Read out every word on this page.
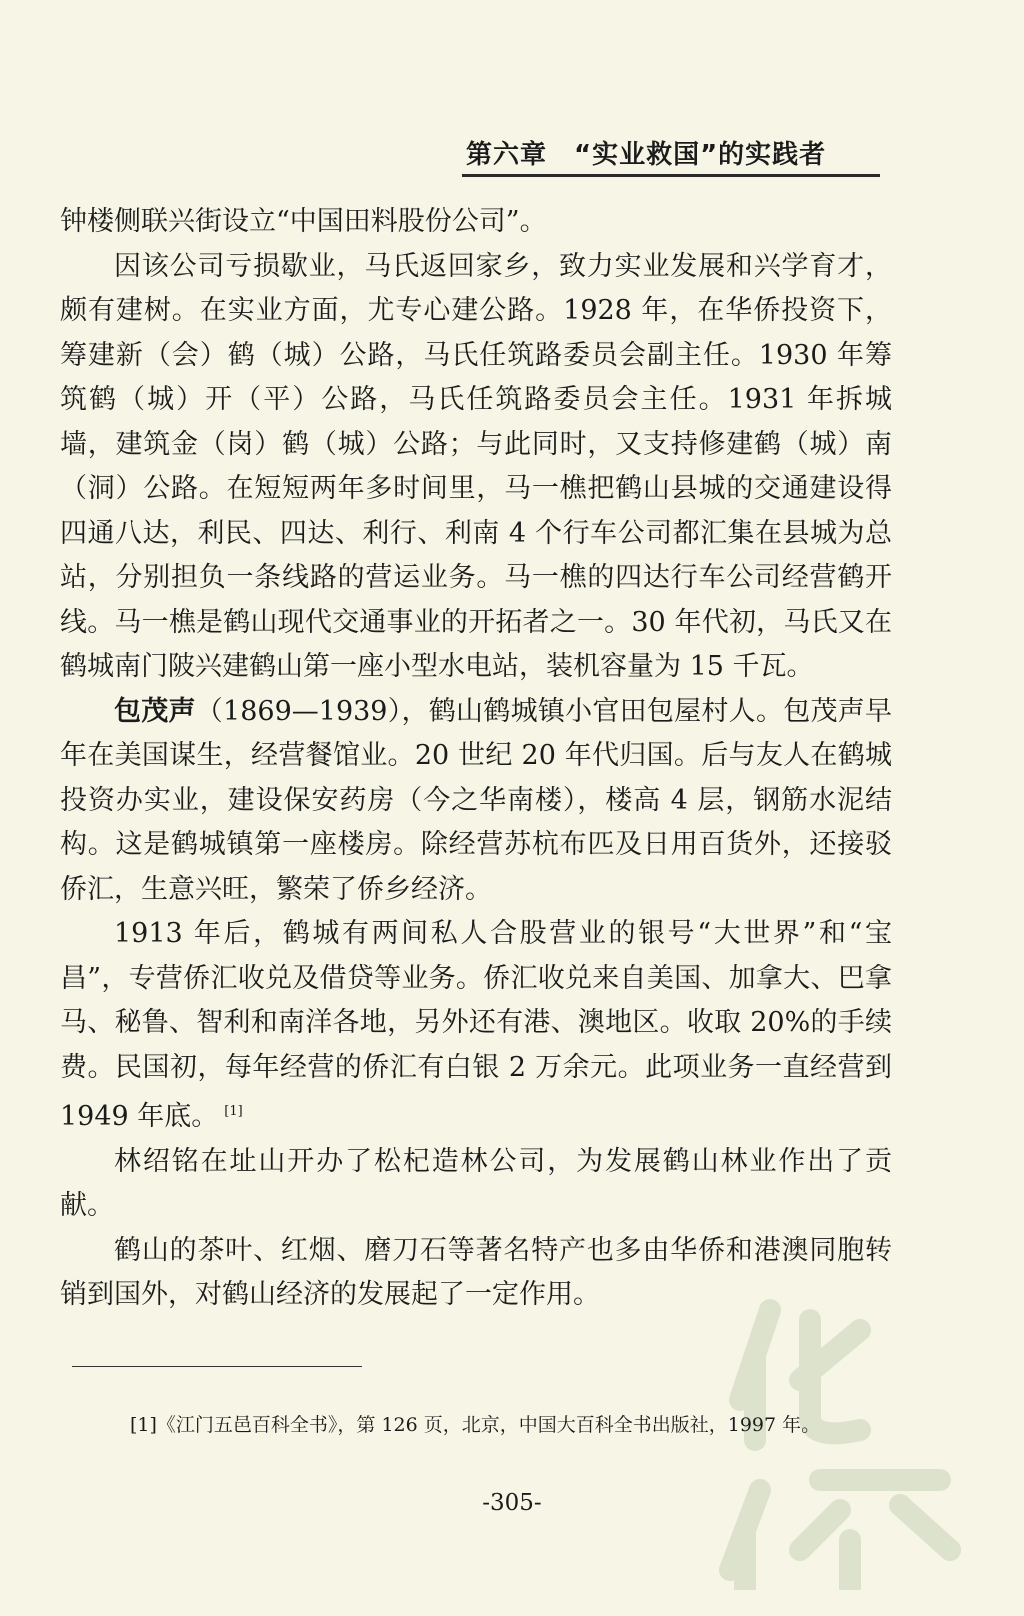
第六章　“实业救国”的实践者

钟楼侧联兴街设立“中国田料股份公司”。

因该公司亏损歇业，马氏返回家乡，致力实业发展和兴学育才，颇有建树。在实业方面，尤专心建公路。1928 年，在华侨投资下，筹建新（会）鹤（城）公路，马氏任筑路委员会副主任。1930 年筹筑鹤（城）开（平）公路，马氏任筑路委员会主任。1931 年拆城墙，建筑金（岗）鹤（城）公路；与此同时，又支持修建鹤（城）南（洞）公路。在短短两年多时间里，马一樵把鹤山县城的交通建设得四通八达，利民、四达、利行、利南 4 个行车公司都汇集在县城为总站，分别担负一条线路的营运业务。马一樵的四达行车公司经营鹤开线。马一樵是鹤山现代交通事业的开拓者之一。30 年代初，马氏又在鹤城南门陂兴建鹤山第一座小型水电站，装机容量为 15 千瓦。

包茂声（1869—1939），鹤山鹤城镇小官田包屋村人。包茂声早年在美国谋生，经营餐馆业。20 世纪 20 年代归国。后与友人在鹤城投资办实业，建设保安药房（今之华南楼），楼高 4 层，钢筋水泥结构。这是鹤城镇第一座楼房。除经营苏杭布匹及日用百货外，还接驳侨汇，生意兴旺，繁荣了侨乡经济。

1913 年后，鹤城有两间私人合股营业的银号“大世界”和“宝昌”，专营侨汇收兑及借贷等业务。侨汇收兑来自美国、加拿大、巴拿马、秘鲁、智利和南洋各地，另外还有港、澳地区。收取 20%的手续费。民国初，每年经营的侨汇有白银 2 万余元。此项业务一直经营到 1949 年底。 [1]

林绍铭在址山开办了松杞造林公司，为发展鹤山林业作出了贡献。

鹤山的茶叶、红烟、磨刀石等著名特产也多由华侨和港澳同胞转销到国外，对鹤山经济的发展起了一定作用。

[1]《江门五邑百科全书》，第 126 页，北京，中国大百科全书出版社，1997 年。
-305-
